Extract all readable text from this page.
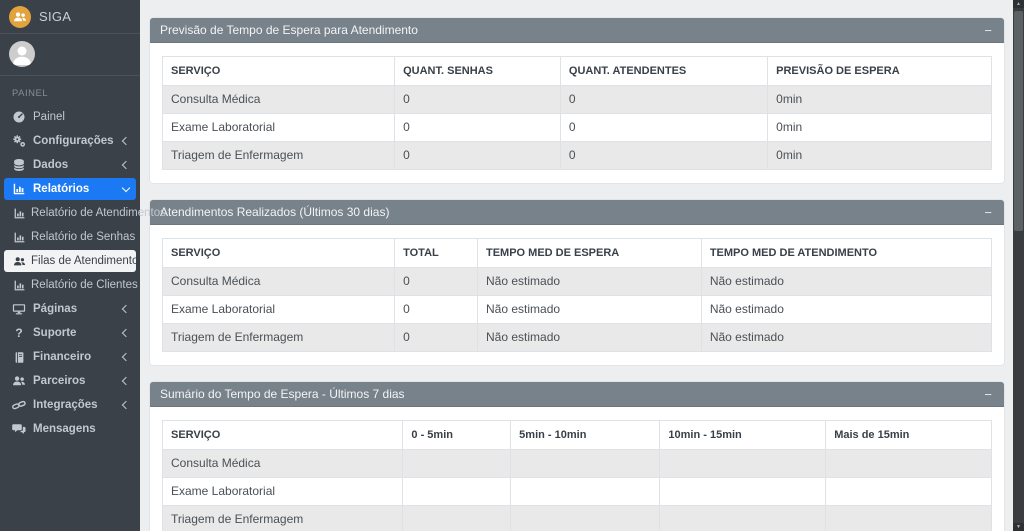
SIGA
PAINEL
Painel
Configurações
Dados
Relatórios
Relatório de Atendimentos
Relatório de Senhas
Filas de Atendimento
Relatório de Clientes
Páginas
? Suporte
Financeiro
Parceiros
Integrações
Mensagens
Previsão de Tempo de Espera para Atendimento	−
SERVIÇO	QUANT. SENHAS	QUANT. ATENDENTES	PREVISÃO DE ESPERA
Consulta Médica	0	0	0min
Exame Laboratorial	0	0	0min
Triagem de Enfermagem	0	0	0min
Atendimentos Realizados (Últimos 30 dias)	−
SERVIÇO	TOTAL	TEMPO MED DE ESPERA	TEMPO MED DE ATENDIMENTO
Consulta Médica	0	Não estimado	Não estimado
Exame Laboratorial	0	Não estimado	Não estimado
Triagem de Enfermagem	0	Não estimado	Não estimado
Sumário do Tempo de Espera - Últimos 7 dias	−
SERVIÇO	0 - 5min	5min - 10min	10min - 15min	Mais de 15min
Consulta Médica				
Exame Laboratorial				
Triagem de Enfermagem				
▲
▼
